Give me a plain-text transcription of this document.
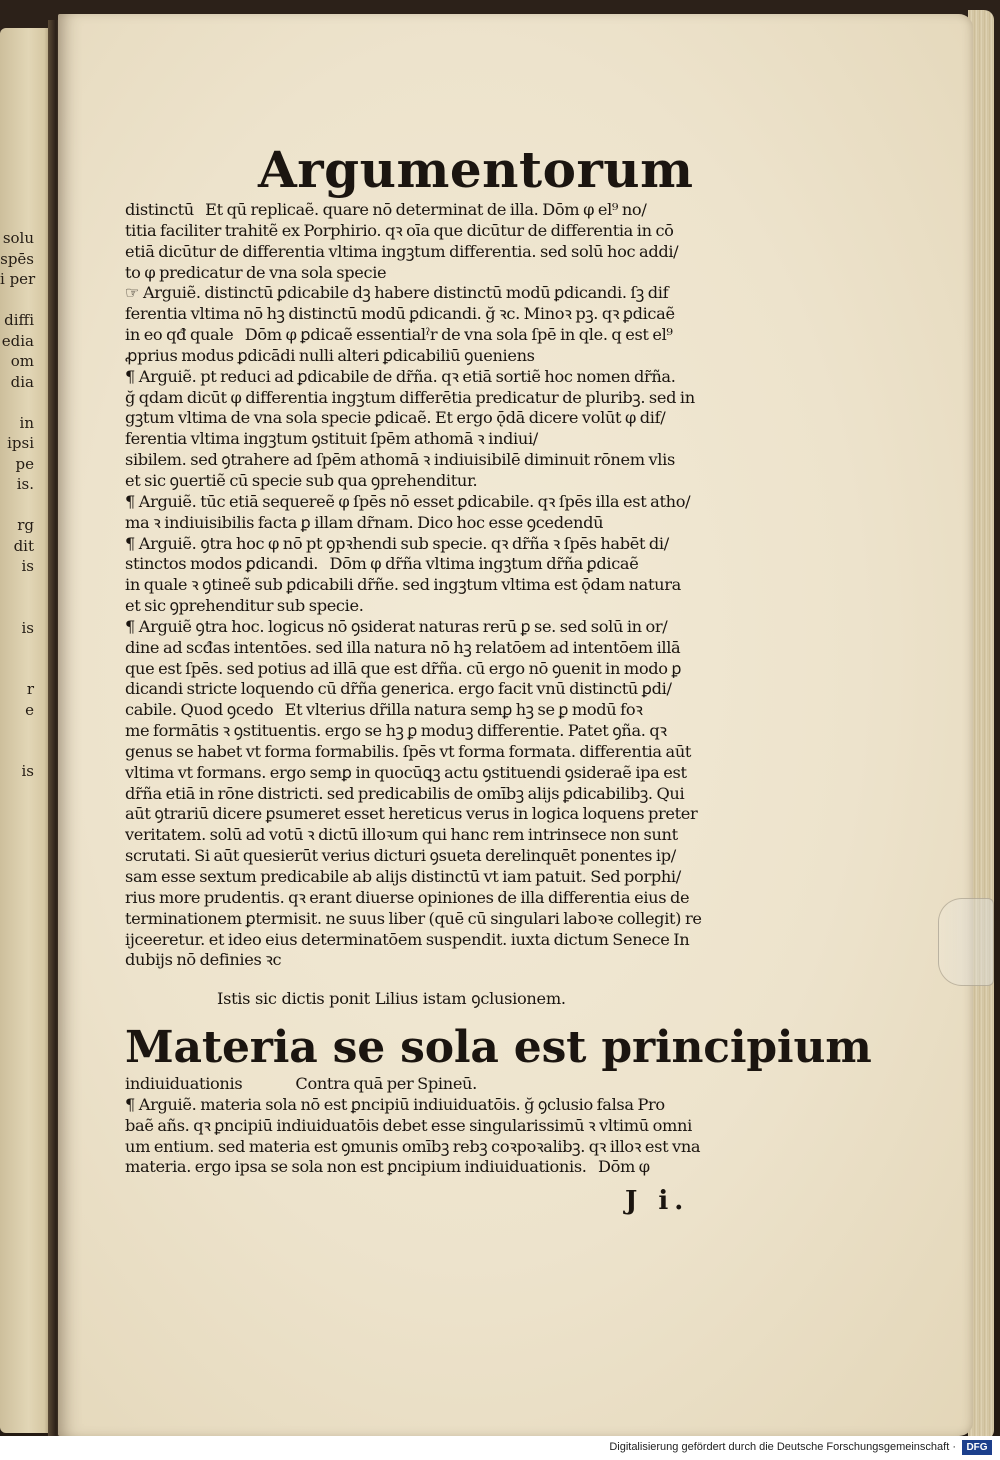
solu
spēs
i per

diffi
edia
om
dia

in
ipsi
pe
is.

rg
dit
is

is

r
e

is
Argumentorum
distinctū   Et qū replicaẽ. quare nō determinat de illa. Dōm φ el⁹ no/
titia faciliter trahitẽ ex Porphirio. qꝛ oīa que dicūtur de differentia in cō
etiā dicūtur de differentia vltima ingꝫtum differentia. sed solū hoc addi/
to φ predicatur de vna sola specie
☞ Arguiẽ. distinctū ꝑdicabile dꝫ habere distinctū modū ꝑdicandi. ſꝫ dif
ferentia vltima nō hꝫ distinctū modū ꝑdicandi. ğ ꝛc. Minoꝛ pꝫ. qꝛ ꝑdicaẽ
in eo qđ quale   Dōm φ ꝑdicaẽ essentialˀr de vna sola ſpē in qle. q est el⁹
ꝓprius modus ꝑdicādi nulli alteri ꝑdicabiliū ꝯueniens
¶ Arguiẽ. pt reduci ad ꝑdicabile de dr̃ña. qꝛ etiā sortiẽ hoc nomen dr̃ña.
ğ qdam dicūt φ differentia ingꝫtum differētia predicatur de pluribꝫ. sed in
gꝫtum vltima de vna sola specie ꝑdicaẽ. Et ergo ǭdā dicere volūt φ dif/
ferentia vltima ingꝫtum ꝯstituit ſpēm athomā ꝛ indiui/
sibilem. sed ꝯtrahere ad ſpēm athomā ꝛ indiuisibilē diminuit rōnem vlis
et sic ꝯuertiẽ cū specie sub qua ꝯprehenditur.
¶ Arguiẽ. tūc etiā sequereẽ φ ſpēs nō esset ꝑdicabile. qꝛ ſpēs illa est atho/
ma ꝛ indiuisibilis facta ꝑ illam dr̃nam. Dico hoc esse ꝯcedendū
¶ Arguiẽ. ꝯtra hoc φ nō pt ꝯpꝛhendi sub specie. qꝛ dr̃ña ꝛ ſpēs habēt di/
stinctos modos ꝑdicandi.   Dōm φ dr̃ña vltima ingꝫtum dr̃ña ꝑdicaẽ
in quale ꝛ ꝯtineẽ sub ꝑdicabili dr̃ñe. sed ingꝫtum vltima est ǭdam natura
et sic ꝯprehenditur sub specie.
¶ Arguiẽ ꝯtra hoc. logicus nō ꝯsiderat naturas rerū ꝑ se. sed solū in or/
dine ad scđas intentōes. sed illa natura nō hꝫ relatōem ad intentōem illā
que est ſpēs. sed potius ad illā que est dr̃ña. cū ergo nō ꝯuenit in modo ꝑ
dicandi stricte loquendo cū dr̃ña generica. ergo facit vnū distinctū ꝑdi/
cabile. Quod ꝯcedo   Et vlterius dr̃illa natura semꝑ hꝫ se ꝑ modū foꝛ
me formātis ꝛ ꝯstituentis. ergo se hꝫ ꝑ moduꝫ differentie. Patet ꝯña. qꝛ
genus se habet vt forma formabilis. ſpēs vt forma formata. differentia aūt
vltima vt formans. ergo semꝑ in quocūꝗꝫ actu ꝯstituendi ꝯsideraẽ ipa est
dr̃ña etiā in rōne districti. sed predicabilis de omībꝫ alijs ꝑdicabilibꝫ. Qui
aūt ꝯtrariū dicere ꝑsumeret esset hereticus verus in logica loquens preter
veritatem. solū ad votū ꝛ dictū illoꝛum qui hanc rem intrinsece non sunt
scrutati. Si aūt quesierūt verius dicturi ꝯsueta derelinquēt ponentes ip/
sam esse sextum predicabile ab alijs distinctū vt iam patuit. Sed porphi/
rius more prudentis. qꝛ erant diuerse opiniones de illa differentia eius de
terminationem ꝑtermisit. ne suus liber (quē cū singulari laboꝛe collegit) re
ijceeretur. et ideo eius determinatōem suspendit. iuxta dictum Senece In
dubijs nō definies ꝛc
Istis sic dictis ponit Lilius istam ꝯclusionem.
Materia se sola est principium
indiuiduationis              Contra quā per Spineū.
¶ Arguiẽ. materia sola nō est ꝑncipiū indiuiduatōis. ğ ꝯclusio falsa Pro
baẽ añs. qꝛ ꝑncipiū indiuiduatōis debet esse singularissimū ꝛ vltimū omni
um entium. sed materia est ꝯmunis omībꝫ rebꝫ coꝛpoꝛalibꝫ. qꝛ illoꝛ est vna
materia. ergo ipsa se sola non est ꝑncipium indiuiduationis.   Dōm φ
J i.
Digitalisierung gefördert durch die Deutsche Forschungsgemeinschaft ·	DFG
